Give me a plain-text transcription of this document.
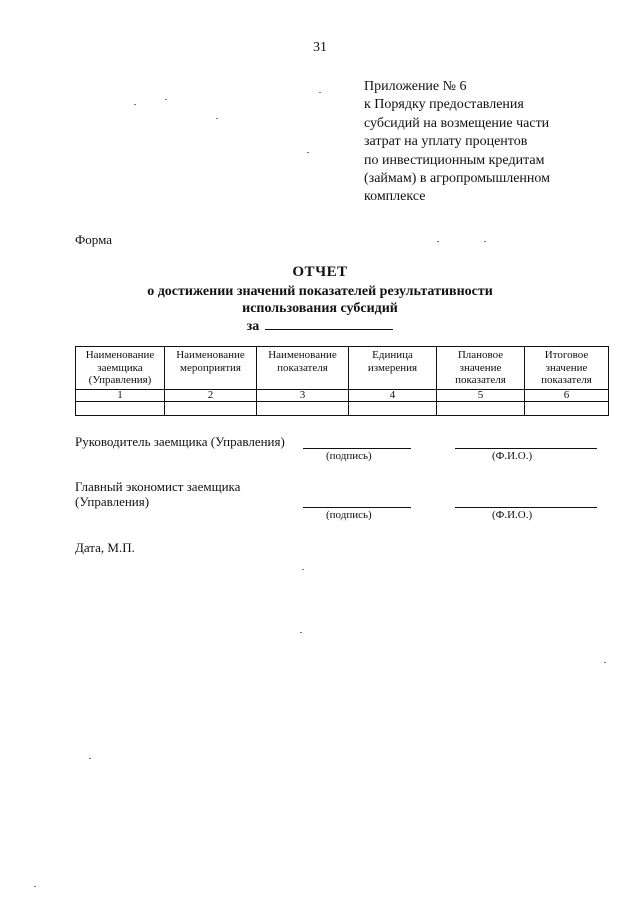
31
Приложение № 6
к Порядку предоставления
субсидий на возмещение части
затрат на уплату процентов
по инвестиционным кредитам
(займам) в агропромышленном
комплексе
Форма
ОТЧЕТ
о достижении значений показателей результативности
использования субсидий
за
Наименование заемщика (Управления)	Наименование мероприятия	Наименование показателя	Единица измерения	Плановое значение показателя	Итоговое значение показателя
1	2	3	4	5	6

Руководитель заемщика (Управления)
(подпись)	(Ф.И.О.)
Главный экономист заемщика (Управления)
(подпись)	(Ф.И.О.)
Дата, М.П.
